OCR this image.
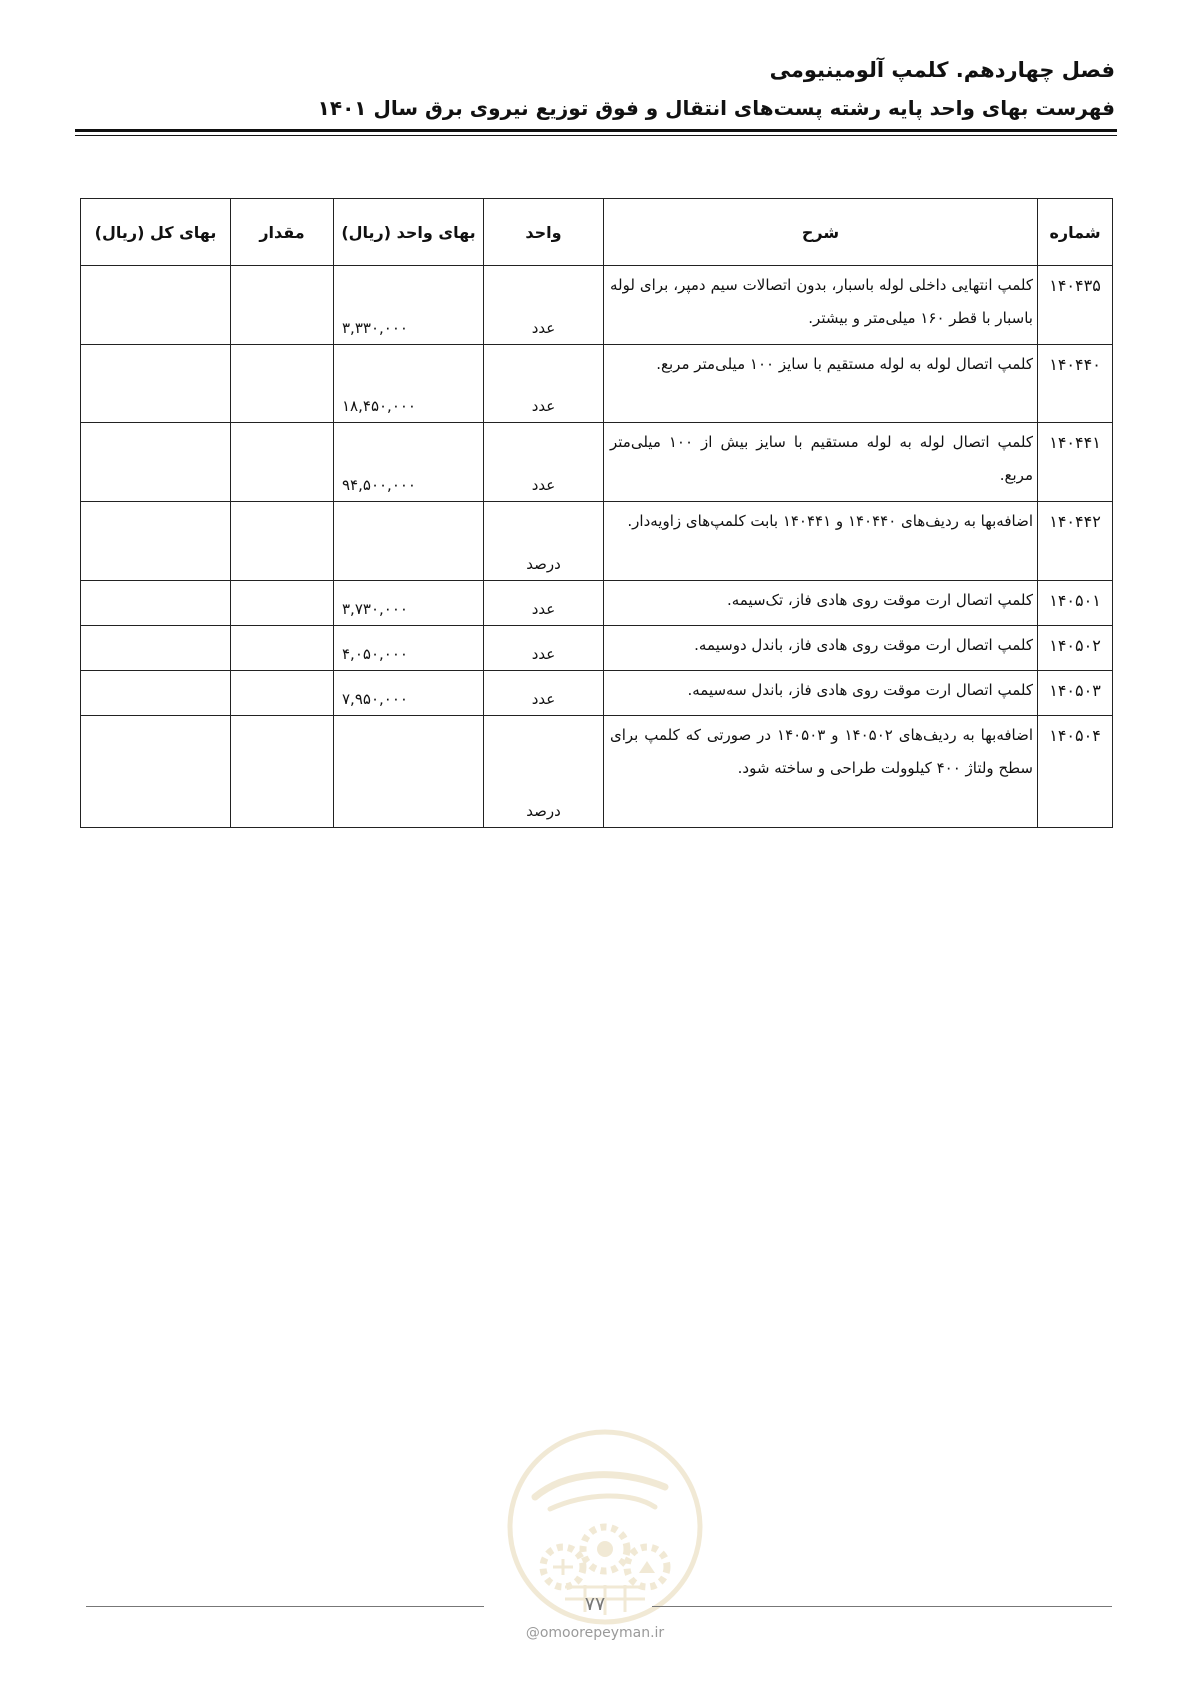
فصل چهاردهم. کلمپ آلومینیومی
فهرست بهای واحد پایه رشته پست‌های انتقال و فوق توزیع نیروی برق سال ۱۴۰۱
شماره	شرح	واحد	بهای واحد (ریال)	مقدار	بهای کل (ریال)
۱۴۰۴۳۵	کلمپ انتهایی داخلی لوله باسبار، بدون اتصالات سیم دمپر، برای لوله باسبار با قطر ۱۶۰ میلی‌متر و بیشتر.	عدد	۳,۳۳۰,۰۰۰		
۱۴۰۴۴۰	کلمپ اتصال لوله به لوله مستقیم با سایز ۱۰۰ میلی‌متر مربع.	عدد	۱۸,۴۵۰,۰۰۰		
۱۴۰۴۴۱	کلمپ اتصال لوله به لوله مستقیم با سایز بیش از ۱۰۰ میلی‌متر مربع.	عدد	۹۴,۵۰۰,۰۰۰		
۱۴۰۴۴۲	اضافه‌بها به ردیف‌های ۱۴۰۴۴۰ و ۱۴۰۴۴۱ بابت کلمپ‌های زاویه‌دار.	درصد			
۱۴۰۵۰۱	کلمپ اتصال ارت موقت روی هادی فاز، تک‌سیمه.	عدد	۳,۷۳۰,۰۰۰		
۱۴۰۵۰۲	کلمپ اتصال ارت موقت روی هادی فاز، باندل دوسیمه.	عدد	۴,۰۵۰,۰۰۰		
۱۴۰۵۰۳	کلمپ اتصال ارت موقت روی هادی فاز، باندل سه‌سیمه.	عدد	۷,۹۵۰,۰۰۰		
۱۴۰۵۰۴	اضافه‌بها به ردیف‌های ۱۴۰۵۰۲ و ۱۴۰۵۰۳ در صورتی که کلمپ برای سطح ولتاژ ۴۰۰ کیلوولت طراحی و ساخته شود.	درصد			
۷۷
@omoorepeyman.ir
